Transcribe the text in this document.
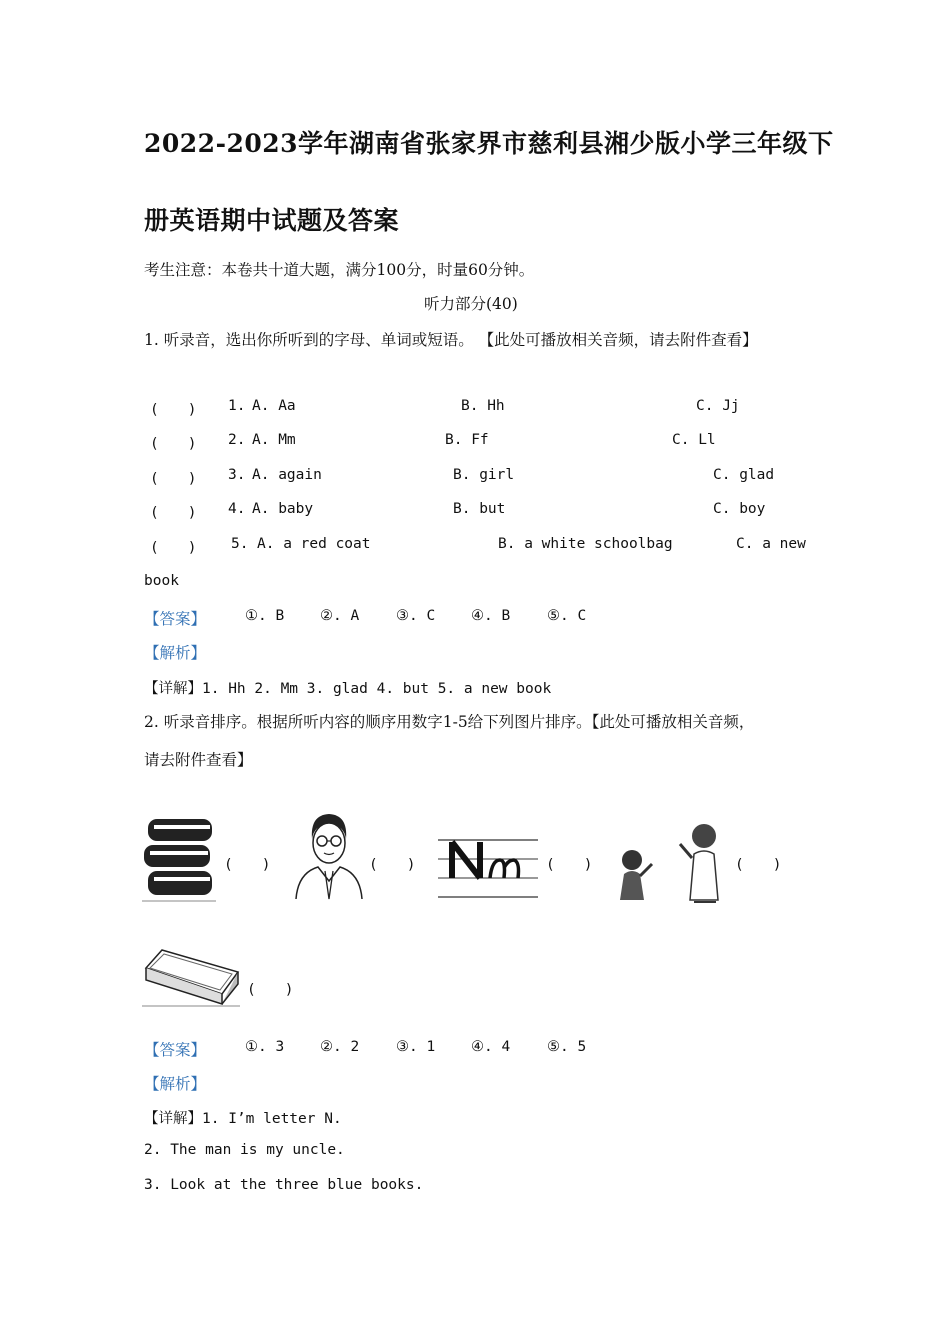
2022-2023学年湖南省张家界市慈利县湘少版小学三年级下
册英语期中试题及答案
考生注意：本卷共十道大题，满分100分，时量60分钟。
听力部分(40)
1. 听录音，选出你所听到的字母、单词或短语。 【此处可播放相关音频，请去附件查看】
(　　) 1. A. Aa	B. Hh	C. Jj
(　　) 2. A. Mm	B. Ff	C. Ll
(　　) 3. A. again	B. girl	C. glad
(　　) 4. A. baby	B. but	C. boy
(　　) 5. A. a red coat	B. a white schoolbag	C. a new
book
【答案】	①. B ②. A	③. C ④. B	⑤. C
【解析】
【详解】1. Hh 2. Mm 3. glad 4. but 5. a new book
2. 听录音排序。根据所听内容的顺序用数字1-5给下列图片排序。【此处可播放相关音频，
请去附件查看】
(　　)	(　　)	(　　)	(　　)
(　　)
【答案】	①. 3 ②. 2	③. 1 ④. 4	⑤. 5
【解析】
【详解】1. I’m letter N.
2. The man is my uncle.
3. Look at the three blue books.
